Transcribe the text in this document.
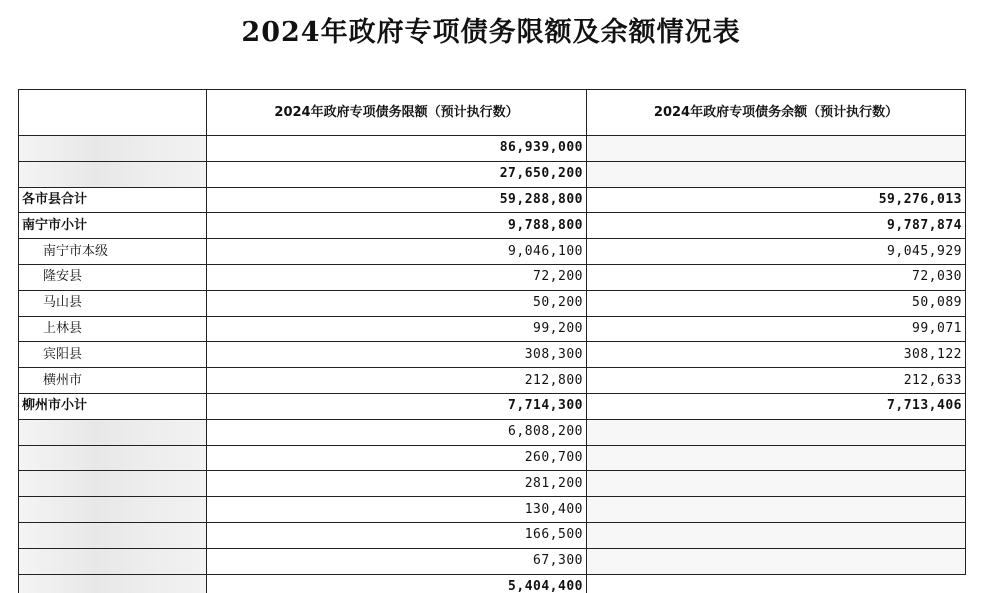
2024年政府专项债务限额及余额情况表
	2024年政府专项债务限额（预计执行数）	2024年政府专项债务余额（预计执行数）
	86,939,000	
	27,650,200	
各市县合计	59,288,800	59,276,013
南宁市小计	9,788,800	9,787,874
南宁市本级	9,046,100	9,045,929
隆安县	72,200	72,030
马山县	50,200	50,089
上林县	99,200	99,071
宾阳县	308,300	308,122
横州市	212,800	212,633
柳州市小计	7,714,300	7,713,406
	6,808,200	
	260,700	
	281,200	
	130,400	
	166,500	
	67,300	
	5,404,400	
